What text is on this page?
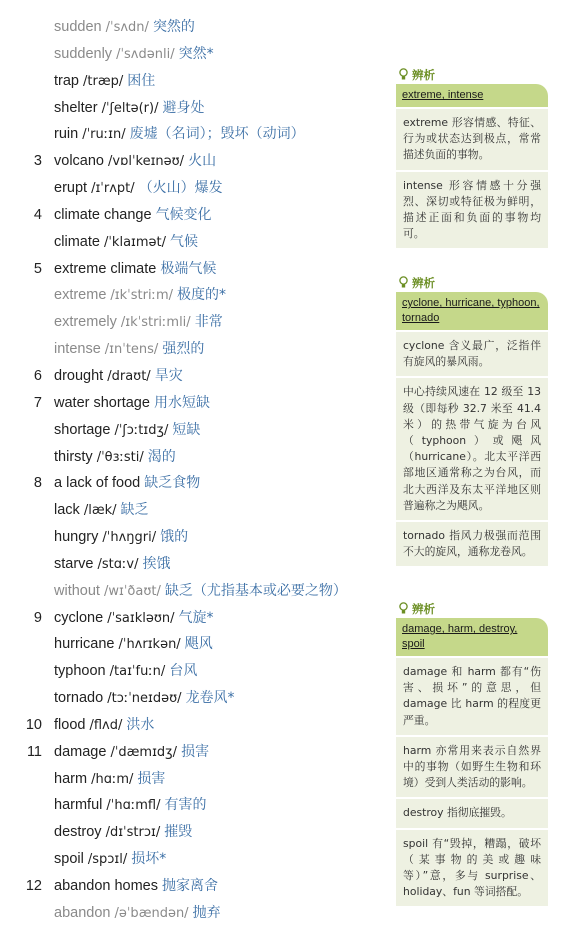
sudden /ˈsʌdn/ 突然的
suddenly /ˈsʌdənli/ 突然*
trap /træp/ 困住
shelter /ˈʃeltə(r)/ 避身处
ruin /ˈruːɪn/ 废墟（名词）；毁坏（动词）
3 volcano /vɒlˈkeɪnəʊ/ 火山
erupt /ɪˈrʌpt/ （火山）爆发
4 climate change 气候变化
climate /ˈklaɪmət/ 气候
5 extreme climate 极端气候
extreme /ɪkˈstriːm/ 极度的*
extremely /ɪkˈstriːmli/ 非常
intense /ɪnˈtens/ 强烈的
6 drought /draʊt/ 旱灾
7 water shortage 用水短缺
shortage /ˈʃɔːtɪdʒ/ 短缺
thirsty /ˈθɜːsti/ 渴的
8 a lack of food 缺乏食物
lack /læk/ 缺乏
hungry /ˈhʌŋgri/ 饿的
starve /stɑːv/ 挨饿
without /wɪˈðaʊt/ 缺乏（尤指基本或必要之物）
9 cyclone /ˈsaɪkləʊn/ 气旋*
hurricane /ˈhʌrɪkən/ 飓风
typhoon /taɪˈfuːn/ 台风
tornado /tɔːˈneɪdəʊ/ 龙卷风*
10 flood /flʌd/ 洪水
11 damage /ˈdæmɪdʒ/ 损害
harm /hɑːm/ 损害
harmful /ˈhɑːmfl/ 有害的
destroy /dɪˈstrɔɪ/ 摧毁
spoil /spɔɪl/ 损坏*
12 abandon homes 抛家离舍
abandon /əˈbændən/ 抛弃
辨析
extreme, intense
extreme 形容情感、特征、行为或状态达到极点，常常描述负面的事物。
intense 形容情感十分强烈、深切或特征极为鲜明，描述正面和负面的事物均可。
辨析
cyclone, hurricane, typhoon, tornado
cyclone 含义最广，泛指伴有旋风的暴风雨。
中心持续风速在 12 级至 13 级（即每秒 32.7 米至 41.4 米）的热带气旋为台风（typhoon）或飓风（hurricane）。北太平洋西部地区通常称之为台风，而北大西洋及东太平洋地区则普遍称之为飓风。
tornado 指风力极强而范围不大的旋风，通称龙卷风。
辨析
damage, harm, destroy, spoil
damage 和 harm 都有“伤害、损坏”的意思，但 damage 比 harm 的程度更严重。
harm 亦常用来表示自然界中的事物（如野生生物和环境）受到人类活动的影响。
destroy 指彻底摧毁。
spoil 有“毁掉，糟蹋，破坏（某事物的美或趣味等）”意，多与 surprise、holiday、fun 等词搭配。
